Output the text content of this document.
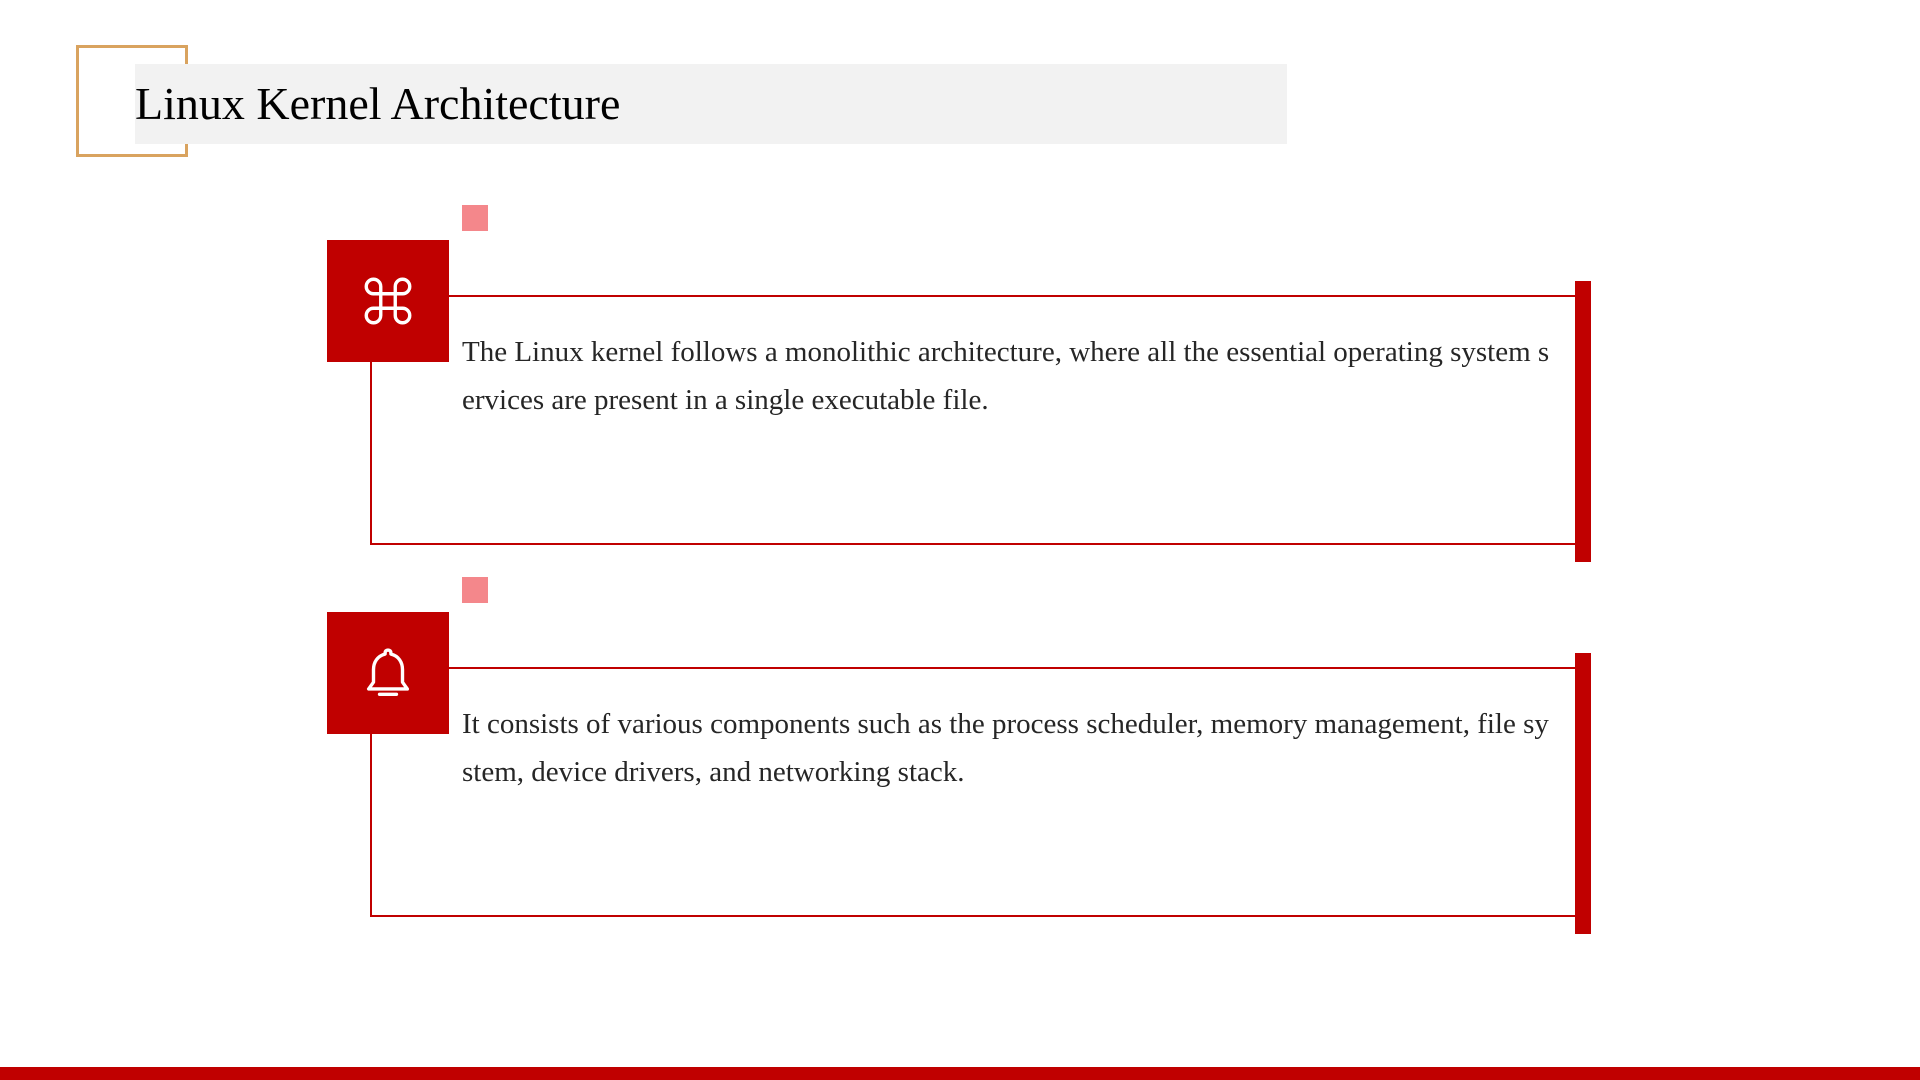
Linux Kernel Architecture
The Linux kernel follows a monolithic architecture, where all the essential operating system services are present in a single executable file.
It consists of various components such as the process scheduler, memory management, file system, device drivers, and networking stack.
